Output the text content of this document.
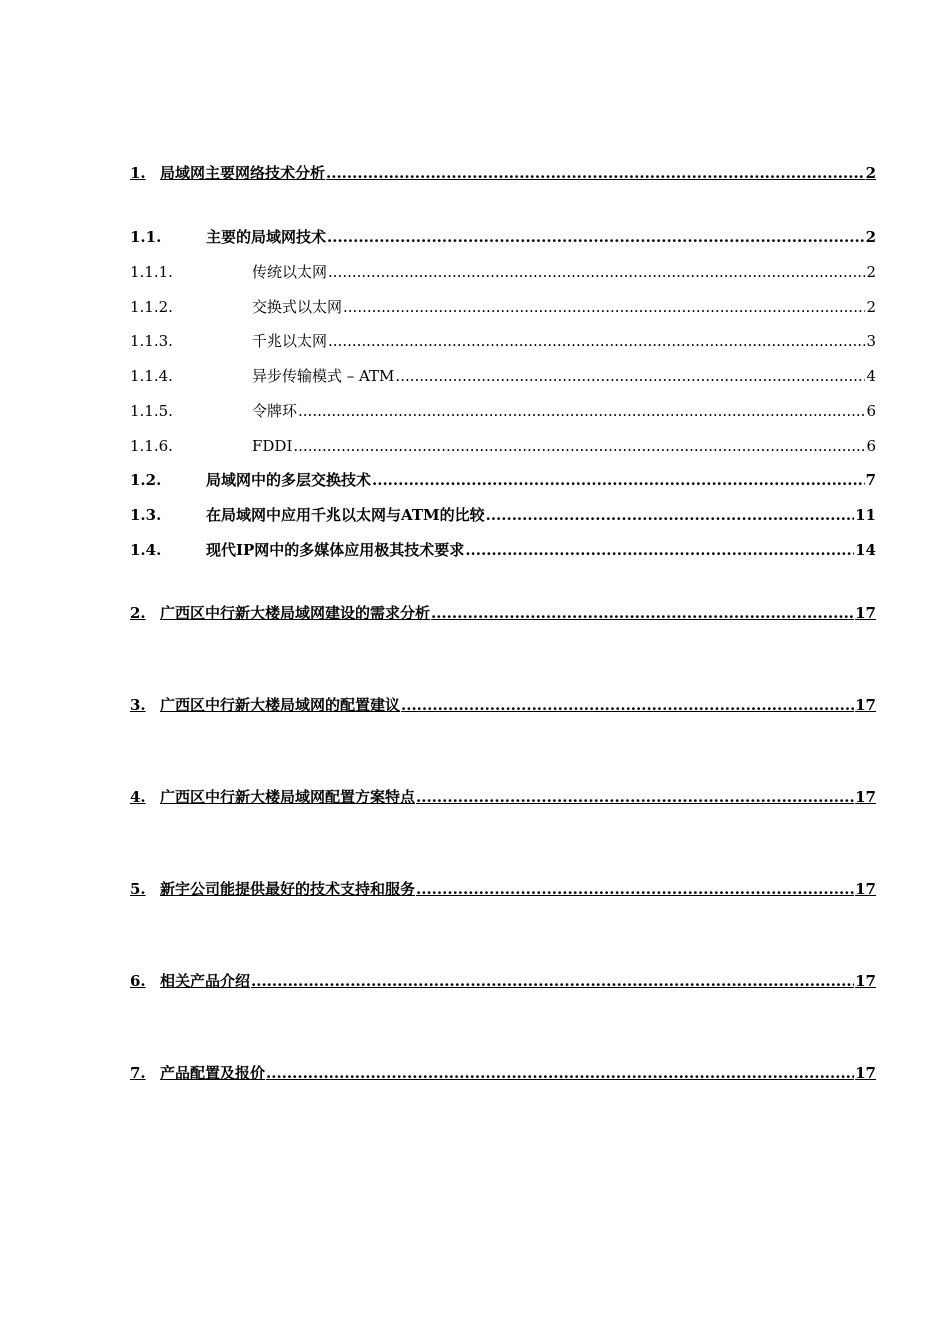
1. 局域网主要网络技术分析 .....	2
1.1.	主要的局域网技术 .....	2
1.1.1.	传统以太网 .....	2
1.1.2.	交换式以太网 .....	2
1.1.3.	千兆以太网 .....	3
1.1.4.	异步传输模式 – ATM .....	4
1.1.5.	令牌环 .....	6
1.1.6.	FDDI .....	6
1.2.	局域网中的多层交换技术 .....	7
1.3.	在局域网中应用千兆以太网与ATM的比较 .....	11
1.4.	现代IP网中的多媒体应用极其技术要求 .....	14
2. 广西区中行新大楼局域网建设的需求分析 .....	17
3. 广西区中行新大楼局域网的配置建议 .....	17
4. 广西区中行新大楼局域网配置方案特点 .....	17
5. 新宇公司能提供最好的技术支持和服务 .....	17
6. 相关产品介绍 .....	17
7. 产品配置及报价 .....	17
